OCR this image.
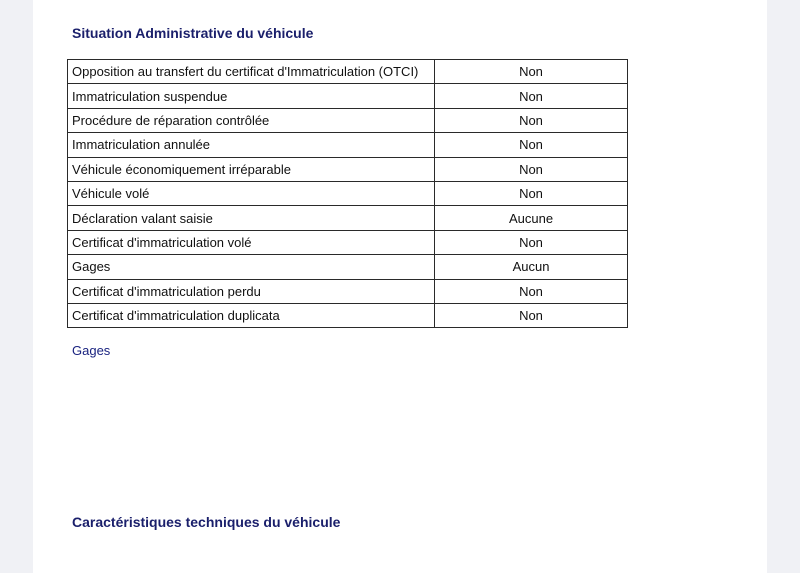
Situation Administrative du véhicule
Opposition au transfert du certificat d'Immatriculation (OTCI)	Non
Immatriculation suspendue	Non
Procédure de réparation contrôlée	Non
Immatriculation annulée	Non
Véhicule économiquement irréparable	Non
Véhicule volé	Non
Déclaration valant saisie	Aucune
Certificat d'immatriculation volé	Non
Gages	Aucun
Certificat d'immatriculation perdu	Non
Certificat d'immatriculation duplicata	Non
Gages
Caractéristiques techniques du véhicule
